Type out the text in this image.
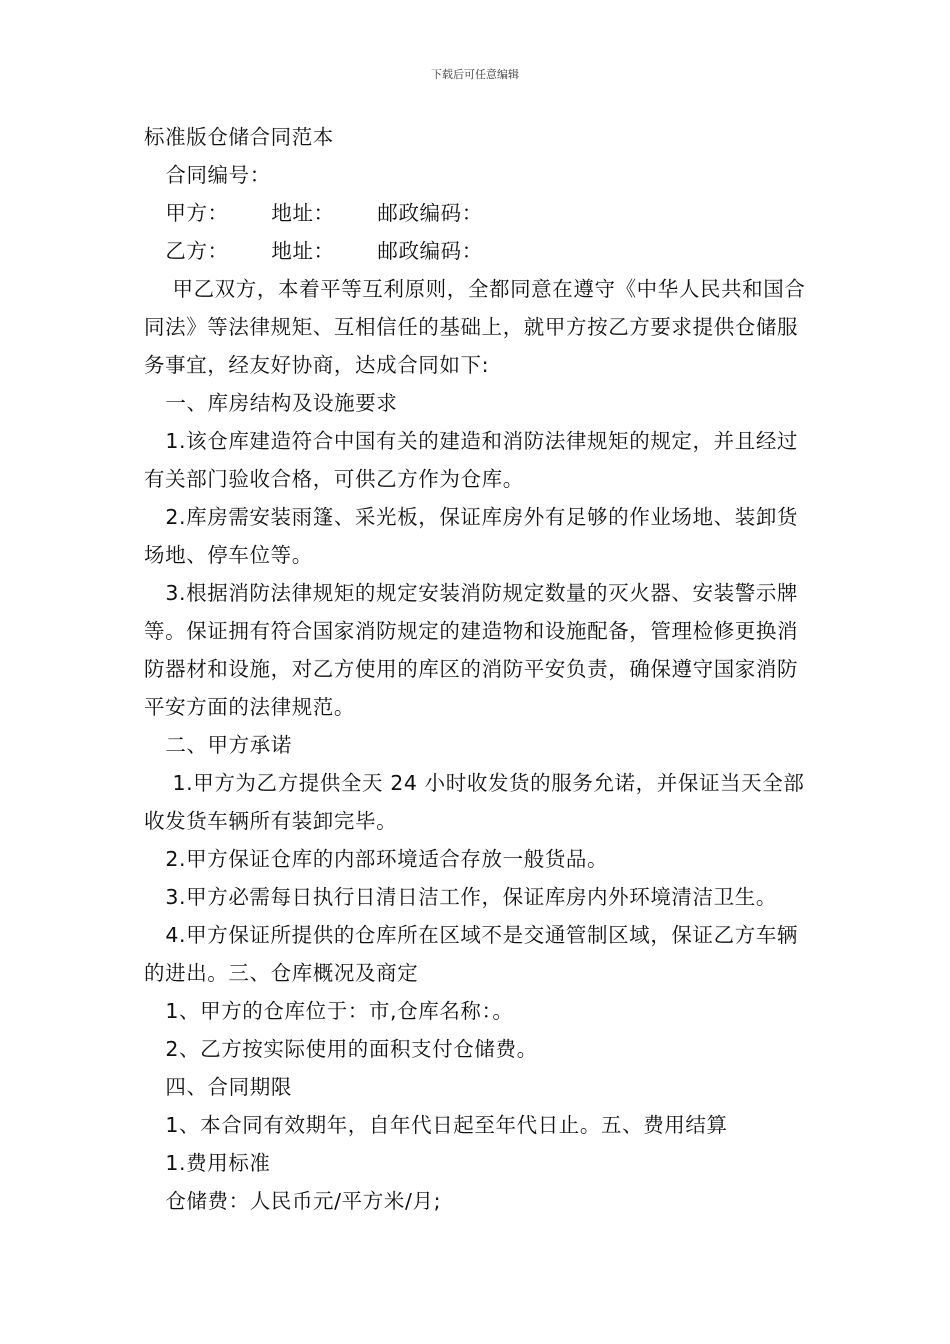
下载后可任意编辑

标准版仓储合同范本

合同编号：

甲方：      地址：      邮政编码：

乙方：      地址：      邮政编码：

甲乙双方，本着平等互利原则，全都同意在遵守《中华人民共和国合同法》等法律规矩、互相信任的基础上，就甲方按乙方要求提供仓储服务事宜，经友好协商，达成合同如下:

一、库房结构及设施要求

1.该仓库建造符合中国有关的建造和消防法律规矩的规定，并且经过有关部门验收合格，可供乙方作为仓库。

2.库房需安装雨篷、采光板，保证库房外有足够的作业场地、装卸货场地、停车位等。

3.根据消防法律规矩的规定安装消防规定数量的灭火器、安装警示牌等。保证拥有符合国家消防规定的建造物和设施配备，管理检修更换消防器材和设施，对乙方使用的库区的消防平安负责，确保遵守国家消防平安方面的法律规范。

二、甲方承诺

1.甲方为乙方提供全天 24 小时收发货的服务允诺，并保证当天全部收发货车辆所有装卸完毕。

2.甲方保证仓库的内部环境适合存放一般货品。

3.甲方必需每日执行日清日洁工作，保证库房内外环境清洁卫生。

4.甲方保证所提供的仓库所在区域不是交通管制区域，保证乙方车辆的进出。三、仓库概况及商定

1、甲方的仓库位于：市,仓库名称：。

2、乙方按实际使用的面积支付仓储费。

四、合同期限

1、本合同有效期年，自年代日起至年代日止。五、费用结算

1.费用标准

仓储费：人民币元/平方米/月;
